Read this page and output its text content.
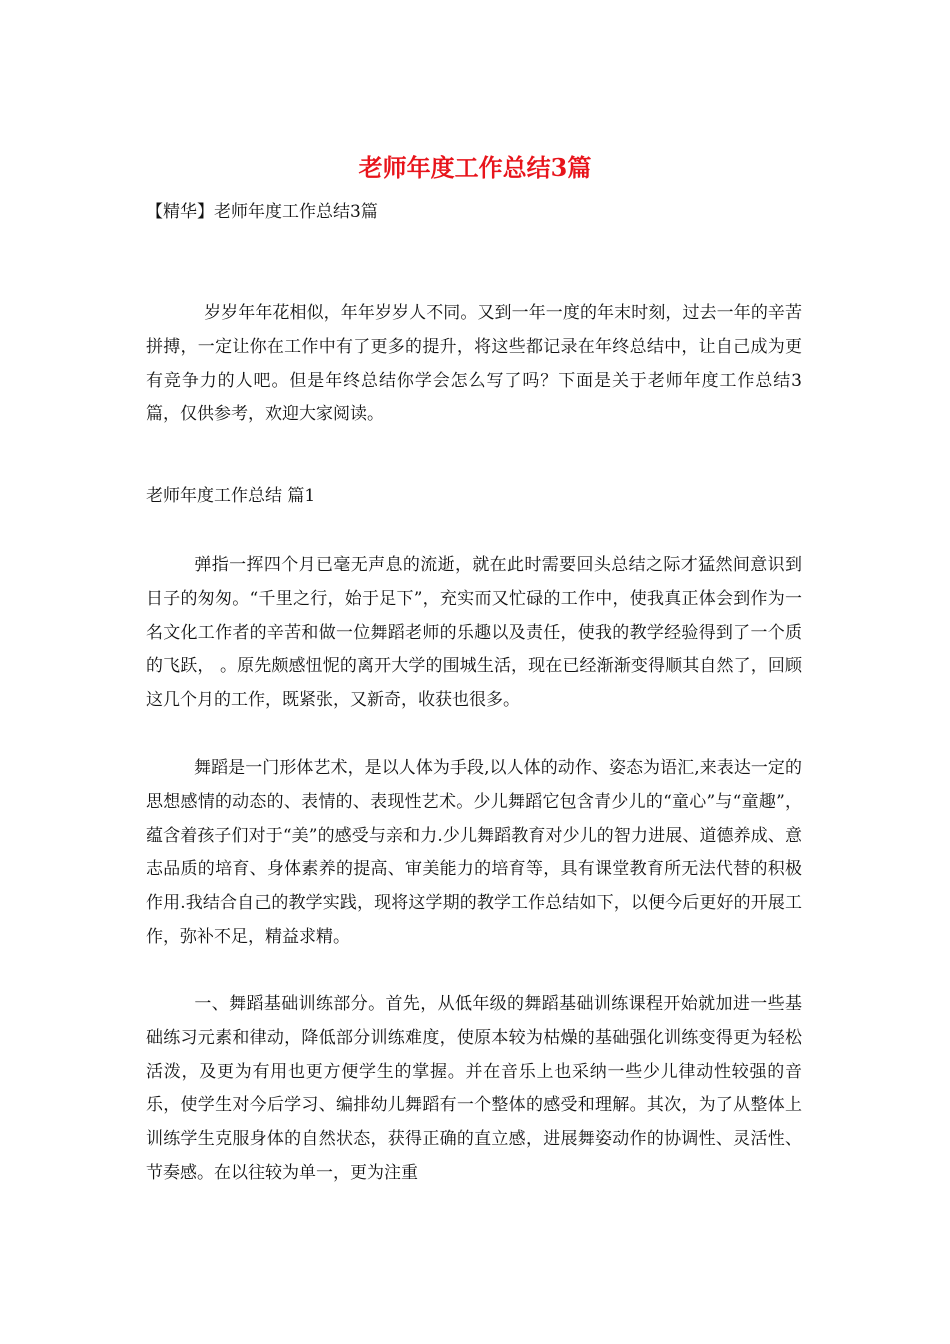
老师年度工作总结3篇
【精华】老师年度工作总结3篇

岁岁年年花相似，年年岁岁人不同。又到一年一度的年末时刻，过去一年的辛苦拼搏，一定让你在工作中有了更多的提升，将这些都记录在年终总结中，让自己成为更有竞争力的人吧。但是年终总结你学会怎么写了吗？下面是关于老师年度工作总结3篇，仅供参考，欢迎大家阅读。

老师年度工作总结 篇1

弹指一挥四个月已毫无声息的流逝，就在此时需要回头总结之际才猛然间意识到日子的匆匆。“千里之行，始于足下”，充实而又忙碌的工作中，使我真正体会到作为一名文化工作者的辛苦和做一位舞蹈老师的乐趣以及责任，使我的教学经验得到了一个质的飞跃， 。原先颇感忸怩的离开大学的围城生活，现在已经渐渐变得顺其自然了，回顾这几个月的工作，既紧张，又新奇，收获也很多。

舞蹈是一门形体艺术，是以人体为手段,以人体的动作、姿态为语汇,来表达一定的思想感情的动态的、表情的、表现性艺术。少儿舞蹈它包含青少儿的“童心”与“童趣”，蕴含着孩子们对于“美”的感受与亲和力.少儿舞蹈教育对少儿的智力进展、道德养成、意志品质的培育、身体素养的提高、审美能力的培育等，具有课堂教育所无法代替的积极作用.我结合自己的教学实践，现将这学期的教学工作总结如下，以便今后更好的开展工作，弥补不足，精益求精。

一、舞蹈基础训练部分。首先，从低年级的舞蹈基础训练课程开始就加进一些基础练习元素和律动，降低部分训练难度，使原本较为枯燥的基础强化训练变得更为轻松活泼，及更为有用也更方便学生的掌握。并在音乐上也采纳一些少儿律动性较强的音乐，使学生对今后学习、编排幼儿舞蹈有一个整体的感受和理解。其次，为了从整体上训练学生克服身体的自然状态，获得正确的直立感，进展舞姿动作的协调性、灵活性、节奏感。在以往较为单一，更为注重
